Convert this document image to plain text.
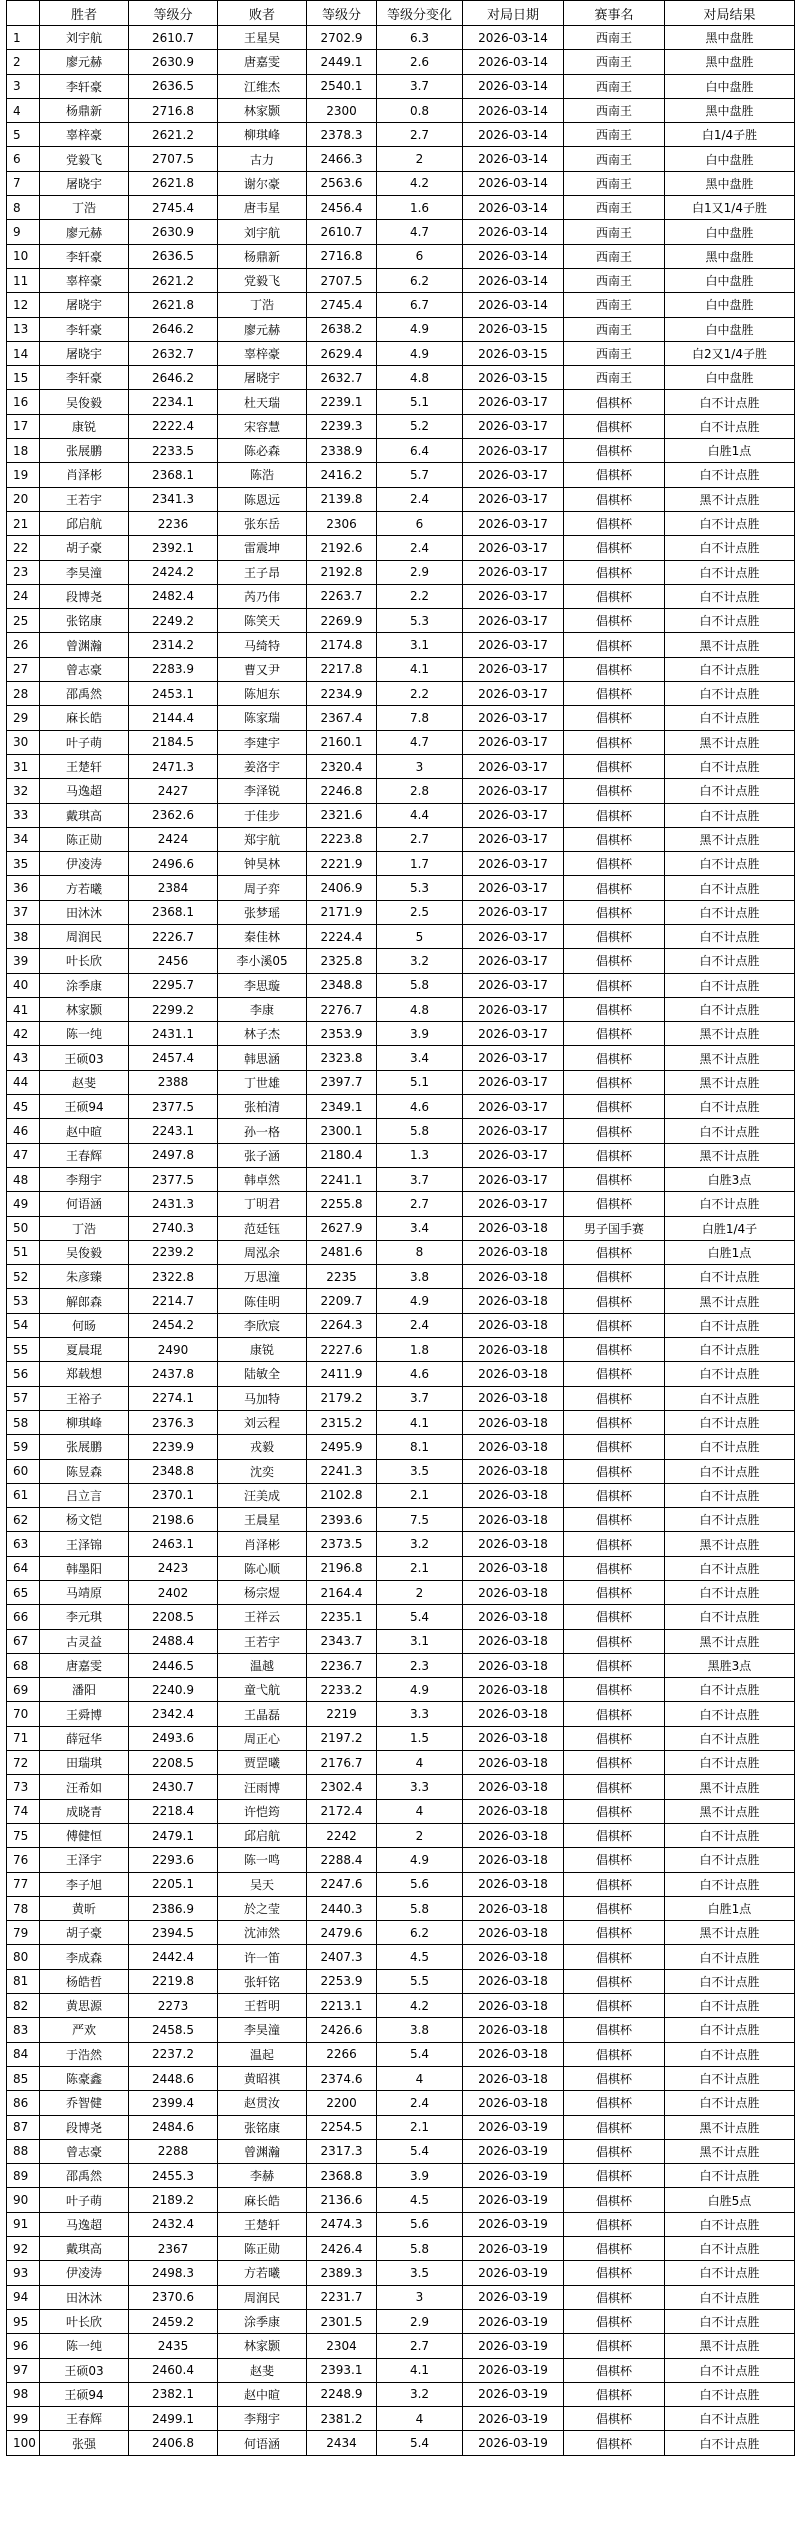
	胜者	等级分	败者	等级分	等级分变化	对局日期	赛事名	对局结果
1	刘宇航	2610.7	王星昊	2702.9	6.3	2026-03-14	西南王	黑中盘胜
2	廖元赫	2630.9	唐嘉雯	2449.1	2.6	2026-03-14	西南王	黑中盘胜
3	李轩豪	2636.5	江维杰	2540.1	3.7	2026-03-14	西南王	白中盘胜
4	杨鼎新	2716.8	林家颢	2300	0.8	2026-03-14	西南王	黑中盘胜
5	辜梓豪	2621.2	柳琪峰	2378.3	2.7	2026-03-14	西南王	白1/4子胜
6	党毅飞	2707.5	古力	2466.3	2	2026-03-14	西南王	白中盘胜
7	屠晓宇	2621.8	谢尔豪	2563.6	4.2	2026-03-14	西南王	黑中盘胜
8	丁浩	2745.4	唐韦星	2456.4	1.6	2026-03-14	西南王	白1又1/4子胜
9	廖元赫	2630.9	刘宇航	2610.7	4.7	2026-03-14	西南王	白中盘胜
10	李轩豪	2636.5	杨鼎新	2716.8	6	2026-03-14	西南王	黑中盘胜
11	辜梓豪	2621.2	党毅飞	2707.5	6.2	2026-03-14	西南王	白中盘胜
12	屠晓宇	2621.8	丁浩	2745.4	6.7	2026-03-14	西南王	白中盘胜
13	李轩豪	2646.2	廖元赫	2638.2	4.9	2026-03-15	西南王	白中盘胜
14	屠晓宇	2632.7	辜梓豪	2629.4	4.9	2026-03-15	西南王	白2又1/4子胜
15	李轩豪	2646.2	屠晓宇	2632.7	4.8	2026-03-15	西南王	白中盘胜
16	吴俊毅	2234.1	杜天瑞	2239.1	5.1	2026-03-17	倡棋杯	白不计点胜
17	康锐	2222.4	宋容慧	2239.3	5.2	2026-03-17	倡棋杯	白不计点胜
18	张展鹏	2233.5	陈必森	2338.9	6.4	2026-03-17	倡棋杯	白胜1点
19	肖泽彬	2368.1	陈浩	2416.2	5.7	2026-03-17	倡棋杯	白不计点胜
20	王若宇	2341.3	陈恩远	2139.8	2.4	2026-03-17	倡棋杯	黑不计点胜
21	邱启航	2236	张东岳	2306	6	2026-03-17	倡棋杯	白不计点胜
22	胡子豪	2392.1	雷震坤	2192.6	2.4	2026-03-17	倡棋杯	白不计点胜
23	李昊潼	2424.2	王子昂	2192.8	2.9	2026-03-17	倡棋杯	白不计点胜
24	段博尧	2482.4	芮乃伟	2263.7	2.2	2026-03-17	倡棋杯	白不计点胜
25	张铭康	2249.2	陈笑天	2269.9	5.3	2026-03-17	倡棋杯	白不计点胜
26	曾渊瀚	2314.2	马绮特	2174.8	3.1	2026-03-17	倡棋杯	黑不计点胜
27	曾志豪	2283.9	曹又尹	2217.8	4.1	2026-03-17	倡棋杯	白不计点胜
28	邵禹然	2453.1	陈旭东	2234.9	2.2	2026-03-17	倡棋杯	白不计点胜
29	麻长皓	2144.4	陈家瑞	2367.4	7.8	2026-03-17	倡棋杯	白不计点胜
30	叶子萌	2184.5	李建宇	2160.1	4.7	2026-03-17	倡棋杯	黑不计点胜
31	王楚轩	2471.3	姜洛宇	2320.4	3	2026-03-17	倡棋杯	白不计点胜
32	马逸超	2427	李泽锐	2246.8	2.8	2026-03-17	倡棋杯	白不计点胜
33	戴琪高	2362.6	于佳步	2321.6	4.4	2026-03-17	倡棋杯	白不计点胜
34	陈正勋	2424	郑宇航	2223.8	2.7	2026-03-17	倡棋杯	黑不计点胜
35	伊凌涛	2496.6	钟昊林	2221.9	1.7	2026-03-17	倡棋杯	白不计点胜
36	方若曦	2384	周子弈	2406.9	5.3	2026-03-17	倡棋杯	白不计点胜
37	田沐沐	2368.1	张梦瑶	2171.9	2.5	2026-03-17	倡棋杯	白不计点胜
38	周润民	2226.7	秦佳林	2224.4	5	2026-03-17	倡棋杯	白不计点胜
39	叶长欣	2456	李小溪05	2325.8	3.2	2026-03-17	倡棋杯	白不计点胜
40	涂季康	2295.7	李思璇	2348.8	5.8	2026-03-17	倡棋杯	白不计点胜
41	林家颢	2299.2	李康	2276.7	4.8	2026-03-17	倡棋杯	白不计点胜
42	陈一纯	2431.1	林子杰	2353.9	3.9	2026-03-17	倡棋杯	黑不计点胜
43	王硕03	2457.4	韩思涵	2323.8	3.4	2026-03-17	倡棋杯	黑不计点胜
44	赵斐	2388	丁世雄	2397.7	5.1	2026-03-17	倡棋杯	黑不计点胜
45	王硕94	2377.5	张柏清	2349.1	4.6	2026-03-17	倡棋杯	白不计点胜
46	赵中暄	2243.1	孙一格	2300.1	5.8	2026-03-17	倡棋杯	白不计点胜
47	王春辉	2497.8	张子涵	2180.4	1.3	2026-03-17	倡棋杯	黑不计点胜
48	李翔宇	2377.5	韩卓然	2241.1	3.7	2026-03-17	倡棋杯	白胜3点
49	何语涵	2431.3	丁明君	2255.8	2.7	2026-03-17	倡棋杯	白不计点胜
50	丁浩	2740.3	范廷钰	2627.9	3.4	2026-03-18	男子国手赛	白胜1/4子
51	吴俊毅	2239.2	周泓余	2481.6	8	2026-03-18	倡棋杯	白胜1点
52	朱彦臻	2322.8	万思潼	2235	3.8	2026-03-18	倡棋杯	白不计点胜
53	解郎森	2214.7	陈佳明	2209.7	4.9	2026-03-18	倡棋杯	黑不计点胜
54	何旸	2454.2	李欣宸	2264.3	2.4	2026-03-18	倡棋杯	白不计点胜
55	夏晨琨	2490	康锐	2227.6	1.8	2026-03-18	倡棋杯	白不计点胜
56	郑载想	2437.8	陆敏全	2411.9	4.6	2026-03-18	倡棋杯	白不计点胜
57	王裕子	2274.1	马加特	2179.2	3.7	2026-03-18	倡棋杯	白不计点胜
58	柳琪峰	2376.3	刘云程	2315.2	4.1	2026-03-18	倡棋杯	白不计点胜
59	张展鹏	2239.9	戎毅	2495.9	8.1	2026-03-18	倡棋杯	白不计点胜
60	陈昱森	2348.8	沈奕	2241.3	3.5	2026-03-18	倡棋杯	白不计点胜
61	吕立言	2370.1	汪美成	2102.8	2.1	2026-03-18	倡棋杯	白不计点胜
62	杨文铠	2198.6	王晨星	2393.6	7.5	2026-03-18	倡棋杯	白不计点胜
63	王泽锦	2463.1	肖泽彬	2373.5	3.2	2026-03-18	倡棋杯	黑不计点胜
64	韩墨阳	2423	陈心顺	2196.8	2.1	2026-03-18	倡棋杯	白不计点胜
65	马靖原	2402	杨宗煜	2164.4	2	2026-03-18	倡棋杯	白不计点胜
66	李元琪	2208.5	王祥云	2235.1	5.4	2026-03-18	倡棋杯	白不计点胜
67	古灵益	2488.4	王若宇	2343.7	3.1	2026-03-18	倡棋杯	黑不计点胜
68	唐嘉雯	2446.5	温越	2236.7	2.3	2026-03-18	倡棋杯	黑胜3点
69	潘阳	2240.9	童弋航	2233.2	4.9	2026-03-18	倡棋杯	白不计点胜
70	王舜博	2342.4	王晶磊	2219	3.3	2026-03-18	倡棋杯	白不计点胜
71	薛冠华	2493.6	周正心	2197.2	1.5	2026-03-18	倡棋杯	白不计点胜
72	田瑞琪	2208.5	贾罡曦	2176.7	4	2026-03-18	倡棋杯	白不计点胜
73	汪希如	2430.7	汪雨博	2302.4	3.3	2026-03-18	倡棋杯	黑不计点胜
74	成晓青	2218.4	许恺筠	2172.4	4	2026-03-18	倡棋杯	黑不计点胜
75	傅健恒	2479.1	邱启航	2242	2	2026-03-18	倡棋杯	白不计点胜
76	王泽宇	2293.6	陈一鸣	2288.4	4.9	2026-03-18	倡棋杯	白不计点胜
77	李子旭	2205.1	吴天	2247.6	5.6	2026-03-18	倡棋杯	白不计点胜
78	黄昕	2386.9	於之莹	2440.3	5.8	2026-03-18	倡棋杯	白胜1点
79	胡子豪	2394.5	沈沛然	2479.6	6.2	2026-03-18	倡棋杯	黑不计点胜
80	李成森	2442.4	许一笛	2407.3	4.5	2026-03-18	倡棋杯	白不计点胜
81	杨皓哲	2219.8	张轩铭	2253.9	5.5	2026-03-18	倡棋杯	白不计点胜
82	黄思源	2273	王哲明	2213.1	4.2	2026-03-18	倡棋杯	白不计点胜
83	严欢	2458.5	李昊潼	2426.6	3.8	2026-03-18	倡棋杯	白不计点胜
84	于浩然	2237.2	温起	2266	5.4	2026-03-18	倡棋杯	白不计点胜
85	陈豪鑫	2448.6	黄昭祺	2374.6	4	2026-03-18	倡棋杯	白不计点胜
86	乔智健	2399.4	赵贯汝	2200	2.4	2026-03-18	倡棋杯	白不计点胜
87	段博尧	2484.6	张铭康	2254.5	2.1	2026-03-19	倡棋杯	黑不计点胜
88	曾志豪	2288	曾渊瀚	2317.3	5.4	2026-03-19	倡棋杯	黑不计点胜
89	邵禹然	2455.3	李赫	2368.8	3.9	2026-03-19	倡棋杯	白不计点胜
90	叶子萌	2189.2	麻长皓	2136.6	4.5	2026-03-19	倡棋杯	白胜5点
91	马逸超	2432.4	王楚轩	2474.3	5.6	2026-03-19	倡棋杯	白不计点胜
92	戴琪高	2367	陈正勋	2426.4	5.8	2026-03-19	倡棋杯	白不计点胜
93	伊凌涛	2498.3	方若曦	2389.3	3.5	2026-03-19	倡棋杯	白不计点胜
94	田沐沐	2370.6	周润民	2231.7	3	2026-03-19	倡棋杯	白不计点胜
95	叶长欣	2459.2	涂季康	2301.5	2.9	2026-03-19	倡棋杯	白不计点胜
96	陈一纯	2435	林家颢	2304	2.7	2026-03-19	倡棋杯	黑不计点胜
97	王硕03	2460.4	赵斐	2393.1	4.1	2026-03-19	倡棋杯	白不计点胜
98	王硕94	2382.1	赵中暄	2248.9	3.2	2026-03-19	倡棋杯	白不计点胜
99	王春辉	2499.1	李翔宇	2381.2	4	2026-03-19	倡棋杯	白不计点胜
100	张强	2406.8	何语涵	2434	5.4	2026-03-19	倡棋杯	白不计点胜
